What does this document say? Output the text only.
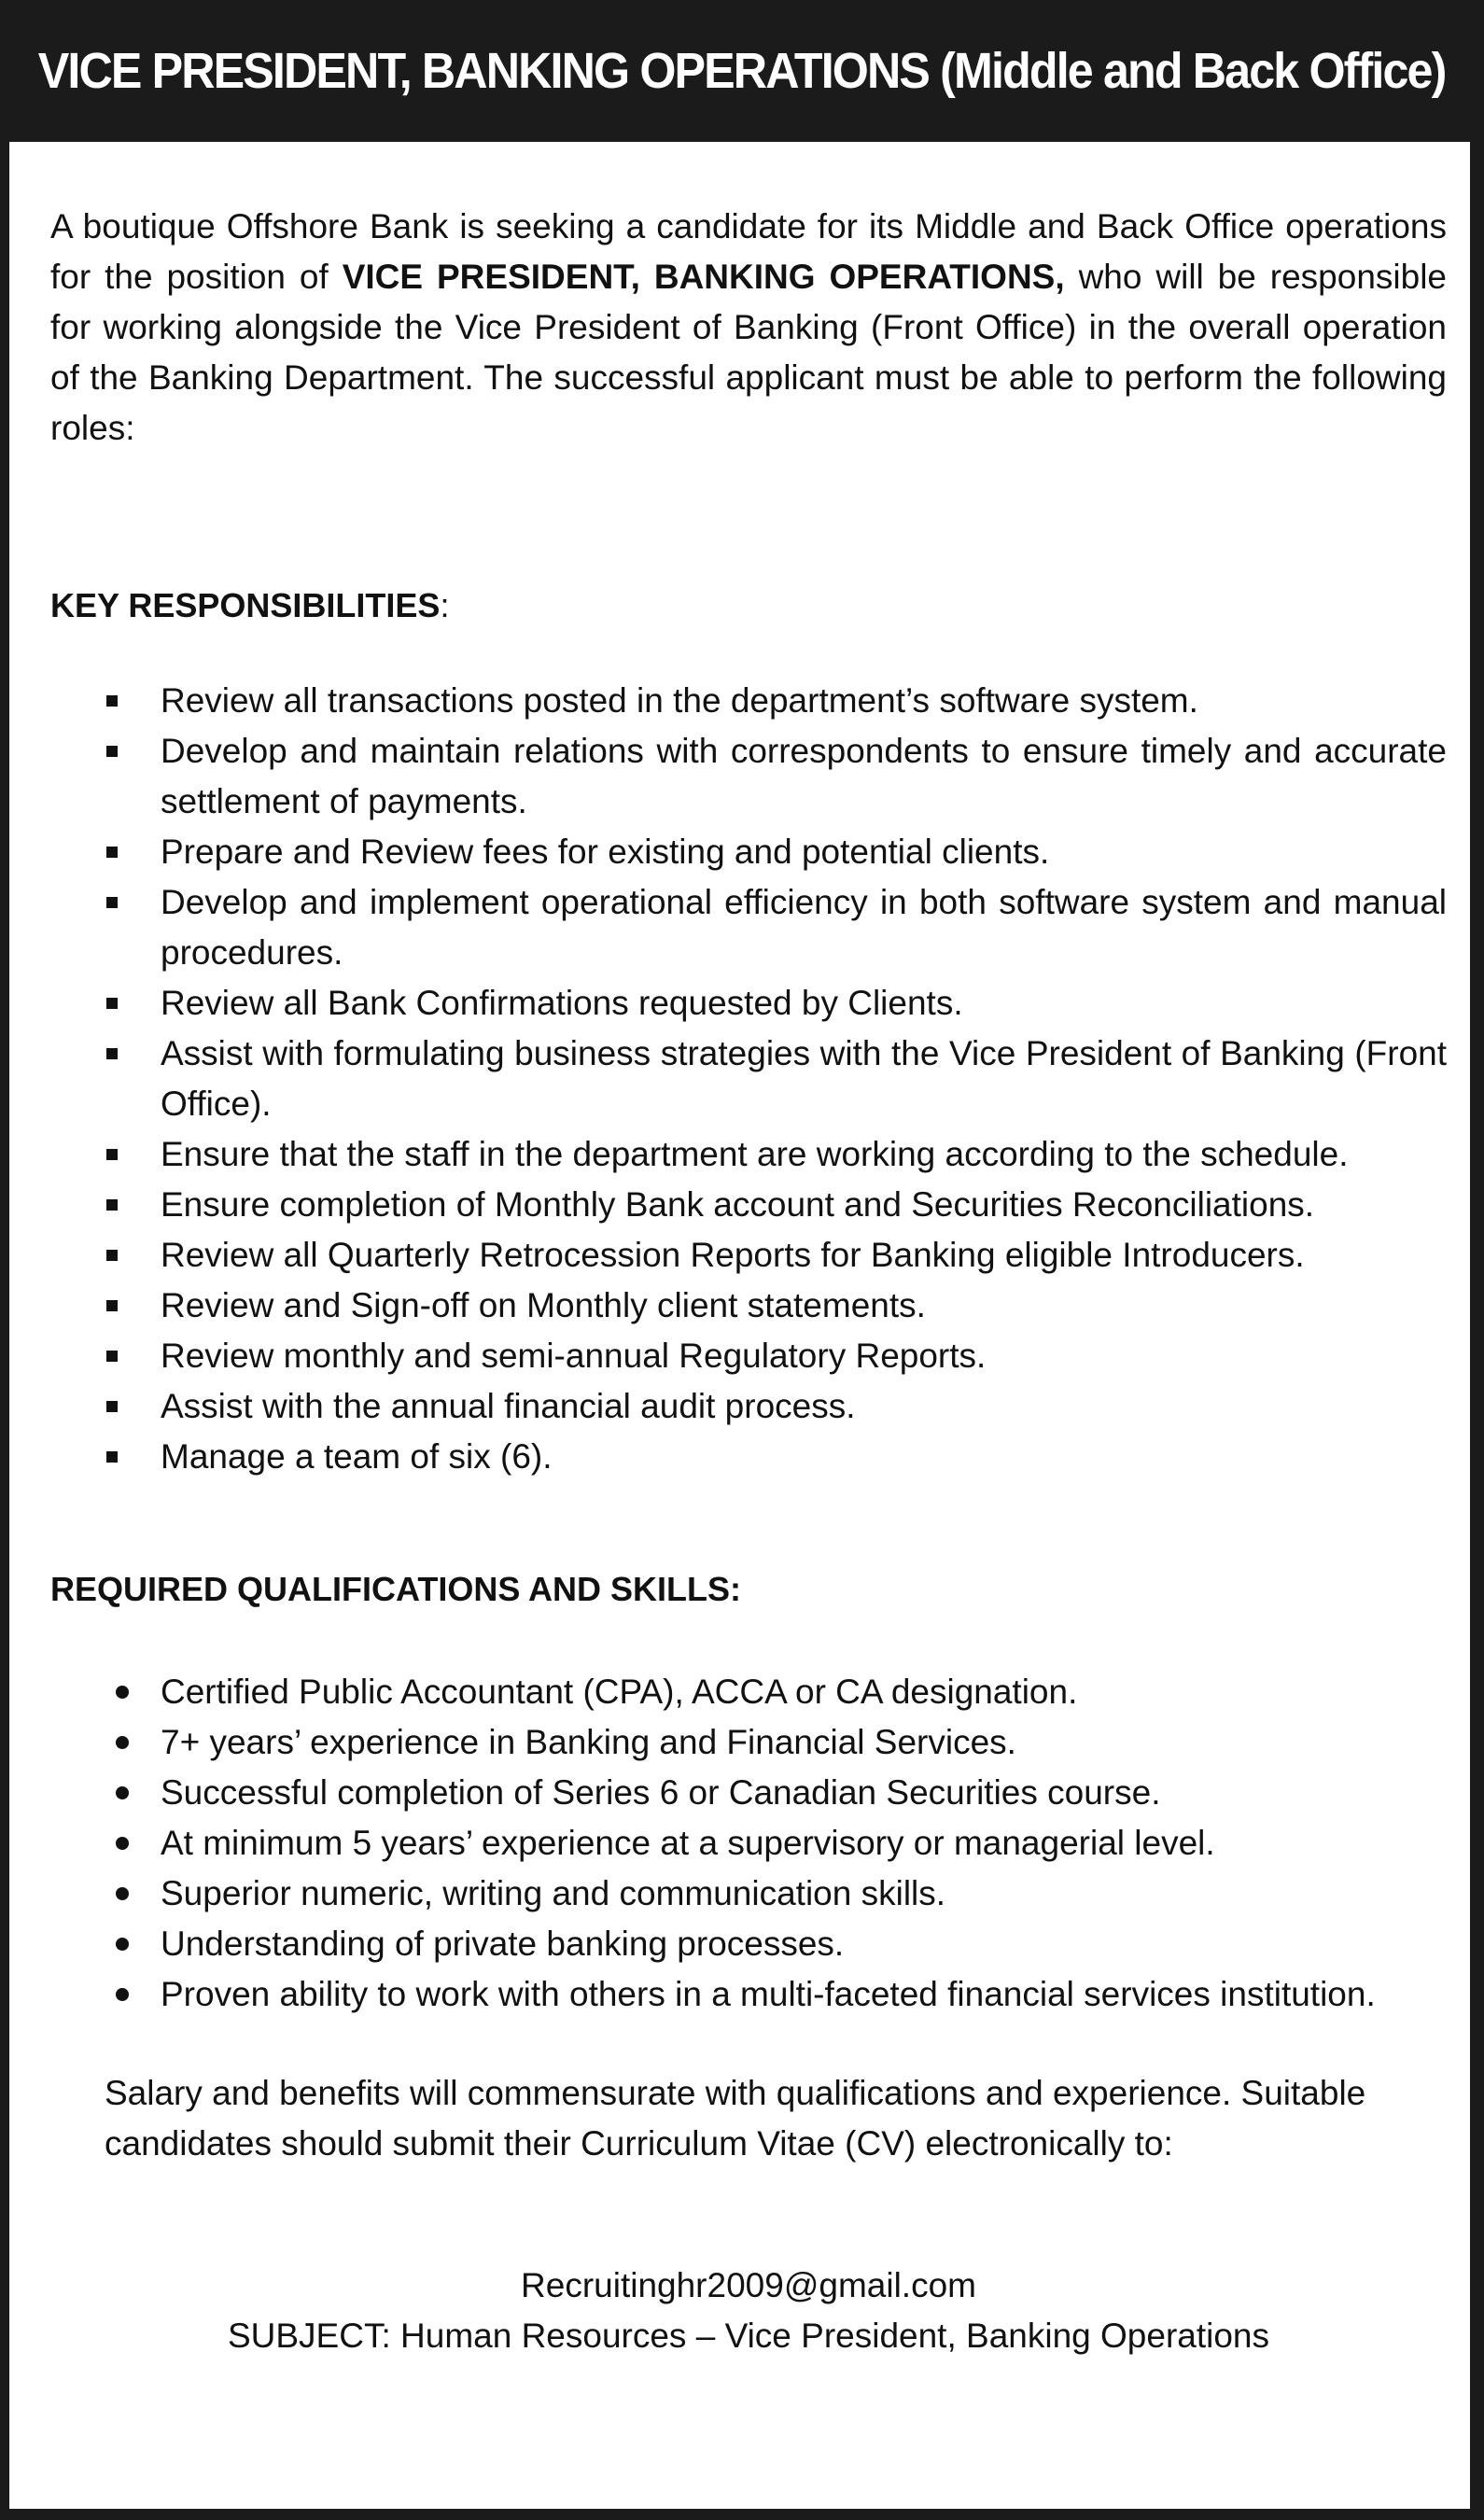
VICE PRESIDENT, BANKING OPERATIONS (Middle and Back Office)

A boutique Offshore Bank is seeking a candidate for its Middle and Back Office operations for the position of VICE PRESIDENT, BANKING OPERATIONS, who will be responsible for working alongside the Vice President of Banking (Front Office) in the overall operation of the Banking Department. The successful applicant must be able to perform the following roles:

KEY RESPONSIBILITIES:
Review all transactions posted in the department’s software system.
Develop and maintain relations with correspondents to ensure timely and accurate settlement of payments.
Prepare and Review fees for existing and potential clients.
Develop and implement operational efficiency in both software system and manual procedures.
Review all Bank Confirmations requested by Clients.
Assist with formulating business strategies with the Vice President of Banking (Front Office).
Ensure that the staff in the department are working according to the schedule.
Ensure completion of Monthly Bank account and Securities Reconciliations.
Review all Quarterly Retrocession Reports for Banking eligible Introducers.
Review and Sign-off on Monthly client statements.
Review monthly and semi-annual Regulatory Reports.
Assist with the annual financial audit process.
Manage a team of six (6).
REQUIRED QUALIFICATIONS AND SKILLS:
Certified Public Accountant (CPA), ACCA or CA designation.
7+ years’ experience in Banking and Financial Services.
Successful completion of Series 6 or Canadian Securities course.
At minimum 5 years’ experience at a supervisory or managerial level.
Superior numeric, writing and communication skills.
Understanding of private banking processes.
Proven ability to work with others in a multi-faceted financial services institution.

Salary and benefits will commensurate with qualifications and experience. Suitable candidates should submit their Curriculum Vitae (CV) electronically to:

Recruitinghr2009@gmail.com
SUBJECT: Human Resources – Vice President, Banking Operations
